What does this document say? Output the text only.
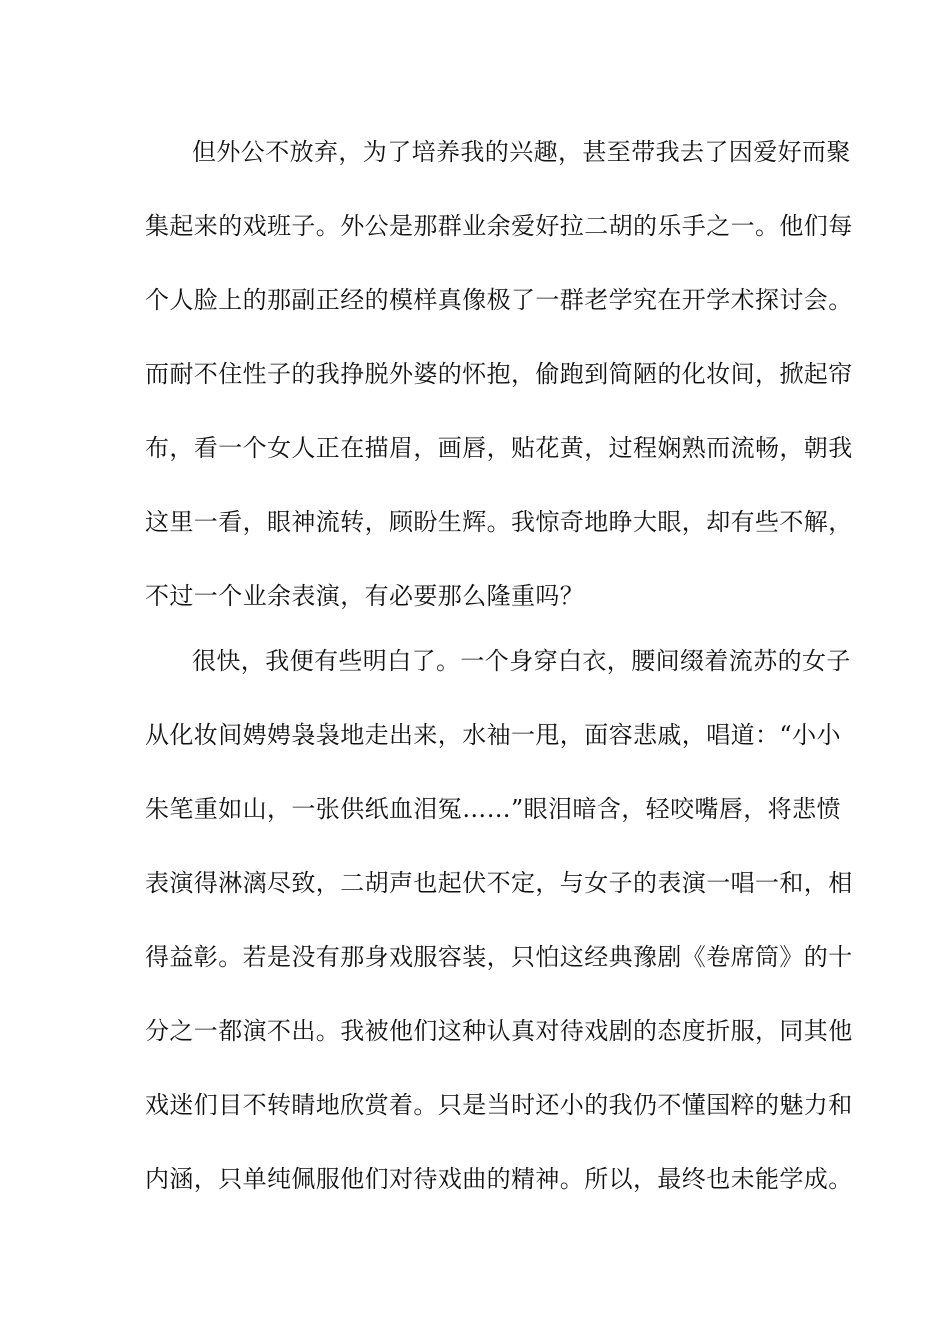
但外公不放弃，为了培养我的兴趣，甚至带我去了因爱好而聚
集起来的戏班子。外公是那群业余爱好拉二胡的乐手之一。他们每
个人脸上的那副正经的模样真像极了一群老学究在开学术探讨会。
而耐不住性子的我挣脱外婆的怀抱，偷跑到简陋的化妆间，掀起帘
布，看一个女人正在描眉，画唇，贴花黄，过程娴熟而流畅，朝我
这里一看，眼神流转，顾盼生辉。我惊奇地睁大眼，却有些不解，
不过一个业余表演，有必要那么隆重吗？
很快，我便有些明白了。一个身穿白衣，腰间缀着流苏的女子
从化妆间娉娉袅袅地走出来，水袖一甩，面容悲戚，唱道：“小小
朱笔重如山，一张供纸血泪冤……”眼泪暗含，轻咬嘴唇，将悲愤
表演得淋漓尽致，二胡声也起伏不定，与女子的表演一唱一和，相
得益彰。若是没有那身戏服容装，只怕这经典豫剧《卷席筒》的十
分之一都演不出。我被他们这种认真对待戏剧的态度折服，同其他
戏迷们目不转睛地欣赏着。只是当时还小的我仍不懂国粹的魅力和
内涵，只单纯佩服他们对待戏曲的精神。所以，最终也未能学成。
